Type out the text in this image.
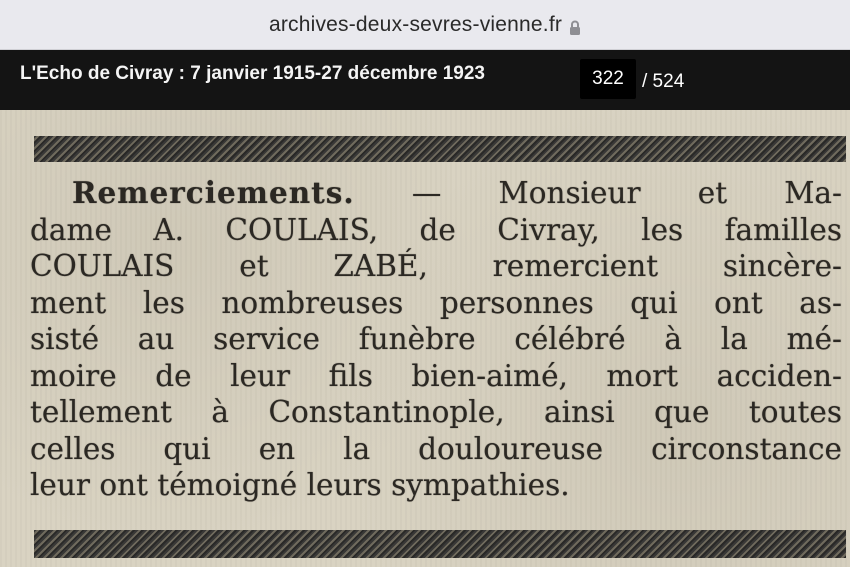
archives-deux-sevres-vienne.fr
L'Echo de Civray : 7 janvier 1915-27 décembre 1923	322 / 524
Remerciements. — Monsieur et Ma-
dame A. COULAIS, de Civray, les familles
COULAIS et ZABÉ, remercient sincère-
ment les nombreuses personnes qui ont as-
sisté au service funèbre célébré à la mé-
moire de leur fils bien-aimé, mort acciden-
tellement à Constantinople, ainsi que toutes
celles qui en la douloureuse circonstance
leur ont témoigné leurs sympathies.
